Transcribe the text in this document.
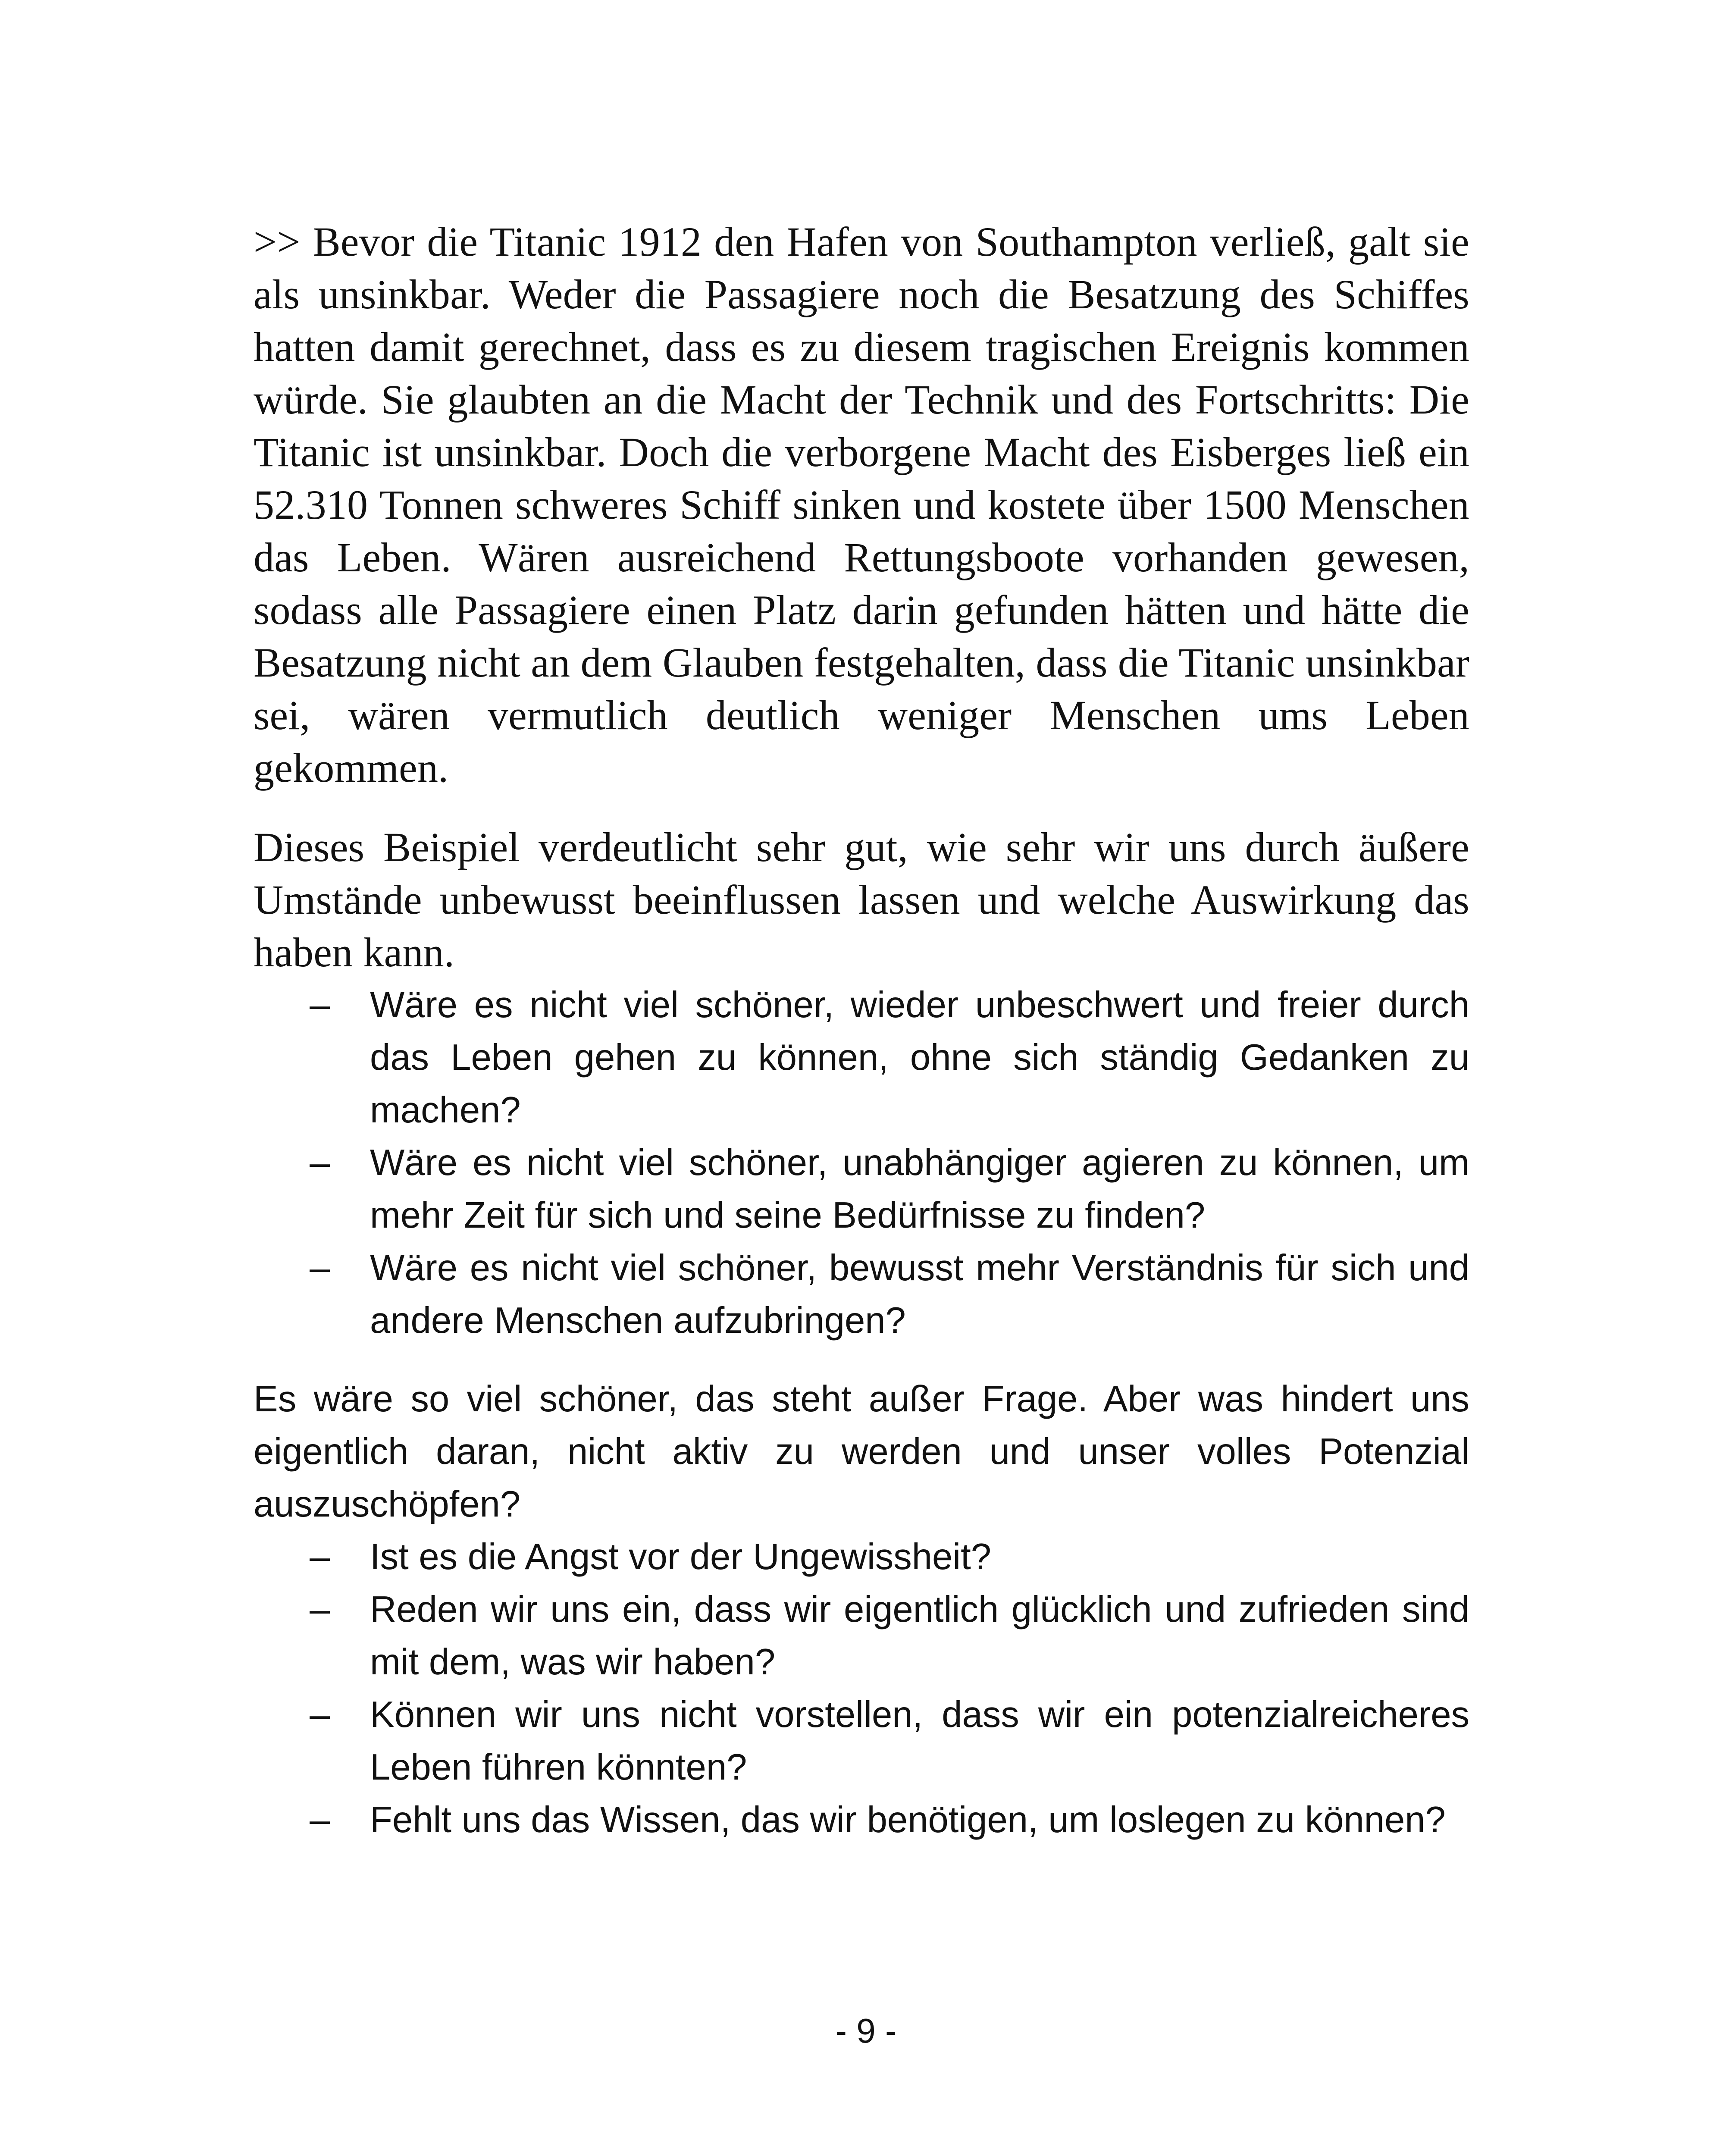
>> Bevor die Titanic 1912 den Hafen von Southampton verließ, galt sie als unsinkbar. Weder die Passagiere noch die Besatzung des Schiffes hatten damit gerechnet, dass es zu diesem tragischen Ereignis kommen würde. Sie glaubten an die Macht der Technik und des Fortschritts: Die Titanic ist unsinkbar. Doch die verborgene Macht des Eisberges ließ ein 52.310 Tonnen schweres Schiff sinken und kostete über 1500 Menschen das Leben. Wären ausreichend Rettungsboote vorhanden gewesen, sodass alle Passagiere einen Platz darin gefunden hätten und hätte die Besatzung nicht an dem Glauben festgehalten, dass die Titanic unsinkbar sei, wären vermutlich deutlich weniger Menschen ums Leben gekommen.

Dieses Beispiel verdeutlicht sehr gut, wie sehr wir uns durch äußere Umstände unbewusst beeinflussen lassen und welche Auswirkung das haben kann.

– Wäre es nicht viel schöner, wieder unbeschwert und freier durch das Leben gehen zu können, ohne sich ständig Gedanken zu machen?
– Wäre es nicht viel schöner, unabhängiger agieren zu können, um mehr Zeit für sich und seine Bedürfnisse zu finden?
– Wäre es nicht viel schöner, bewusst mehr Verständnis für sich und andere Menschen aufzubringen?

Es wäre so viel schöner, das steht außer Frage. Aber was hindert uns eigentlich daran, nicht aktiv zu werden und unser volles Potenzial auszuschöpfen?

– Ist es die Angst vor der Ungewissheit?
– Reden wir uns ein, dass wir eigentlich glücklich und zufrieden sind mit dem, was wir haben?
– Können wir uns nicht vorstellen, dass wir ein potenzialreicheres Leben führen könnten?
– Fehlt uns das Wissen, das wir benötigen, um loslegen zu können?
- 9 -
